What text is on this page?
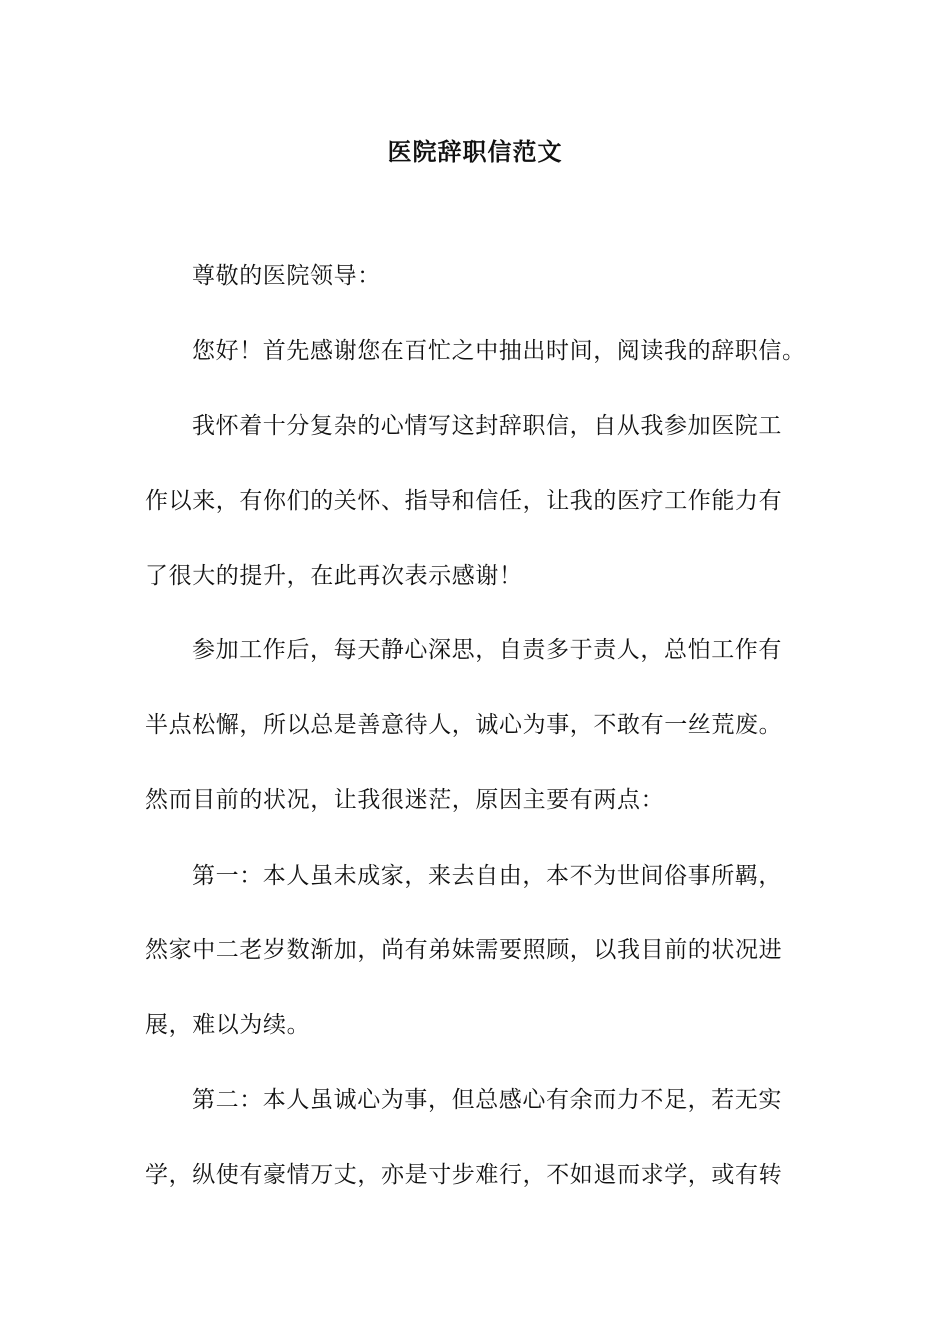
医院辞职信范文
尊敬的医院领导：
您好！首先感谢您在百忙之中抽出时间，阅读我的辞职信。
我怀着十分复杂的心情写这封辞职信，自从我参加医院工
作以来，有你们的关怀、指导和信任，让我的医疗工作能力有
了很大的提升，在此再次表示感谢！
参加工作后，每天静心深思，自责多于责人，总怕工作有
半点松懈，所以总是善意待人，诚心为事，不敢有一丝荒废。
然而目前的状况，让我很迷茫，原因主要有两点：
第一：本人虽未成家，来去自由，本不为世间俗事所羁，
然家中二老岁数渐加，尚有弟妹需要照顾，以我目前的状况进
展，难以为续。
第二：本人虽诚心为事，但总感心有余而力不足，若无实
学，纵使有豪情万丈，亦是寸步难行，不如退而求学，或有转
